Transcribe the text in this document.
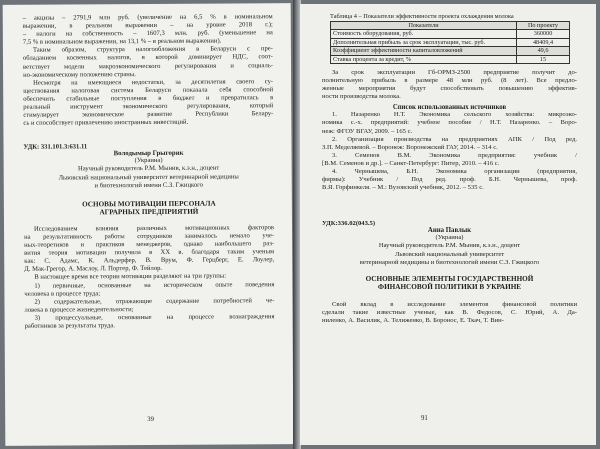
– акцизы – 2791,9 млн руб. (увеличение на 6,5 % в номинальном
выражении, в реальном выражении – на уровне 2018 г.);
– налоги на собственность – 1607,3 млн. руб. (уменьшение на
7,5 % в номинальном выражении, на 13,1 % – в реальном выражении).
Таким образом, структура налогообложения в Беларуси с пре-
обладанием косвенных налогов, в которой доминирует НДС, соот-
ветствует модели макроэкономического регулирования и социаль-
но-экономическому положению страны.
Несмотря на имеющиеся недостатки, за десятилетия своего су-
ществования налоговая система Беларуси показала себя способной
обеспечить стабильные поступления в бюджет и превратилась в
реальный инструмент экономического регулирования, который
стимулирует экономическое развитие Республики Белару-
сь и способствует привлечению иностранных инвестиций.

УДК: 331.101.3:631.11

Володымыр Грыгорик

(Украина)

Научный руководитель Р.М. Мынив, к.э.н., доцент

Львовский национальный университет ветеринарной медицины

и биотехнологий имени С.З. Гжицкого

ОСНОВЫ МОТИВАЦИИ ПЕРСОНАЛА

АГРАРНЫХ ПРЕДПРИЯТИЙ

Исследованием влияния различных мотивационных факторов
на результативность работы сотрудников занималось немало уче-
ных-теоретиков и практиков менеджеров, однако наибольшего раз-
вития теория мотивации получила в XX в. благодаря таким ученым
как: С. Адамс, К. Альдерфер, В. Врум, Ф. Герцберг, Е. Лоулер,
Д. Мак-Грегор, А. Маслоу, Л. Портер, Ф. Тейлор.

В настоящее время все теории мотивации разделяют на три группы:

1) первичные, основанные на историческом опыте поведения
человека в процессе труда;
2) содержательные, отражающие содержание потребностей че-
ловека в процессе жизнедеятельности;
3) процессуальные, основанные на процессе вознаграждения
работников за результаты труда.
39

Таблица 4 – Показатели эффективности проекта охлаждения молока

Показатели	По проекту
Стоимость оборудования, руб.	360000
Дополнительная прибыль за срок эксплуатации, тыс. руб.	48409,4
Коэффициент эффективности капиталовложений	49,6
Ставка процента за кредит, %	15
За срок эксплуатации Гб-ОРМЗ-2500 предприятие получит до-
полнительную прибыль в размере 48 млн руб. (8 лет). Все предло-
женные мероприятия будут способствовать повышению эффектив-
ности производства молока.

Список использованных источников

1. Назаренко Н.Т. Экономика сельского хозяйства: микроэко-
номика с.-х. предприятий: учебное пособие / Н.Т. Назаренко. – Воро-
неж: ФГОУ ВГАУ, 2009. – 165 с.
2. Организация производства на предприятиях АПК / Под ред.
З.П. Меделяевой. – Воронеж: Воронежский ГАУ, 2014. – 314 с.
3. Семенов В.М. Экономика предприятия: учебник /
[В.М. Семенов и др.]. – Санкт-Петербург: Питер, 2010. – 416 с.
4. Чернышева, Б.Н. Экономика организации (предприятия,
фирмы): Учебник / Под ред. проф. Б.Н. Чернышева, проф.
В.Я. Горфинкеля. – М.: Вузовский учебник, 2012. – 535 с.

УДК:336.02(043.5)

Анна Павлык

(Украина)

Научный руководитель Р.М. Мынив, к.э.н., доцент

Львовский национальный университет

ветеринарной медицины и биотехнологий имени С.З. Гжицкого

ОСНОВНЫЕ ЭЛЕМЕНТЫ ГОСУДАРСТВЕННОЙ

ФИНАНСОВОЙ ПОЛИТИКИ В УКРАИНЕ

Свой вклад в исследование элементов финансовой политики
сделали такие известные ученые, как В. Федосов, С. Юрий, А. Да-
ниленко, А. Василик, А. Телиженко, В. Боронос, Е. Ткач, Т. Вин-
91
